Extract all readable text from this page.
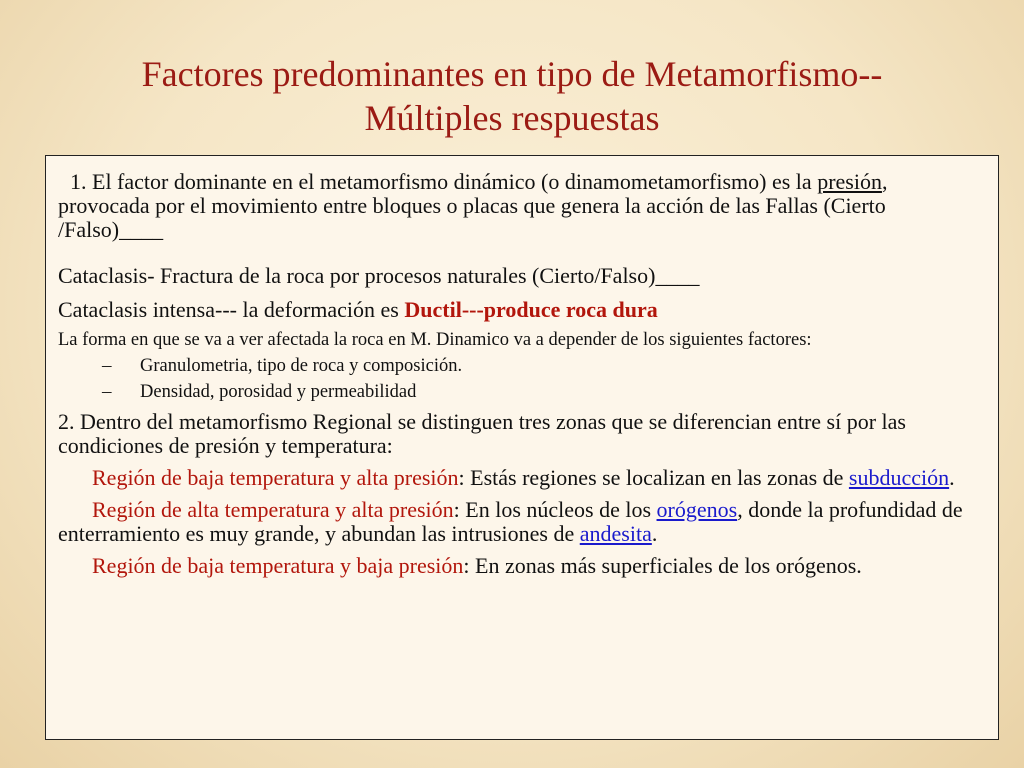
Factores predominantes en tipo de Metamorfismo--
Múltiples respuestas

1. El factor dominante en el metamorfismo dinámico (o dinamometamorfismo) es la presión, provocada por el movimiento entre bloques o placas que genera la acción de las Fallas (Cierto /Falso)____

Cataclasis- Fractura de la roca por procesos naturales (Cierto/Falso)____

Cataclasis intensa--- la deformación es Ductil---produce roca dura

La forma en que se va a ver afectada la roca en M. Dinamico va a depender de los siguientes factores:

–	Granulometria, tipo de roca y composición.
–	Densidad, porosidad y permeabilidad

2. Dentro del metamorfismo Regional se distinguen tres zonas que se diferencian entre sí por las condiciones de presión y temperatura:

Región de baja temperatura y alta presión: Estás regiones se localizan en las zonas de subducción.

Región de alta temperatura y alta presión: En los núcleos de los orógenos, donde la profundidad de enterramiento es muy grande, y abundan las intrusiones de andesita.

Región de baja temperatura y baja presión: En zonas más superficiales de los orógenos.
